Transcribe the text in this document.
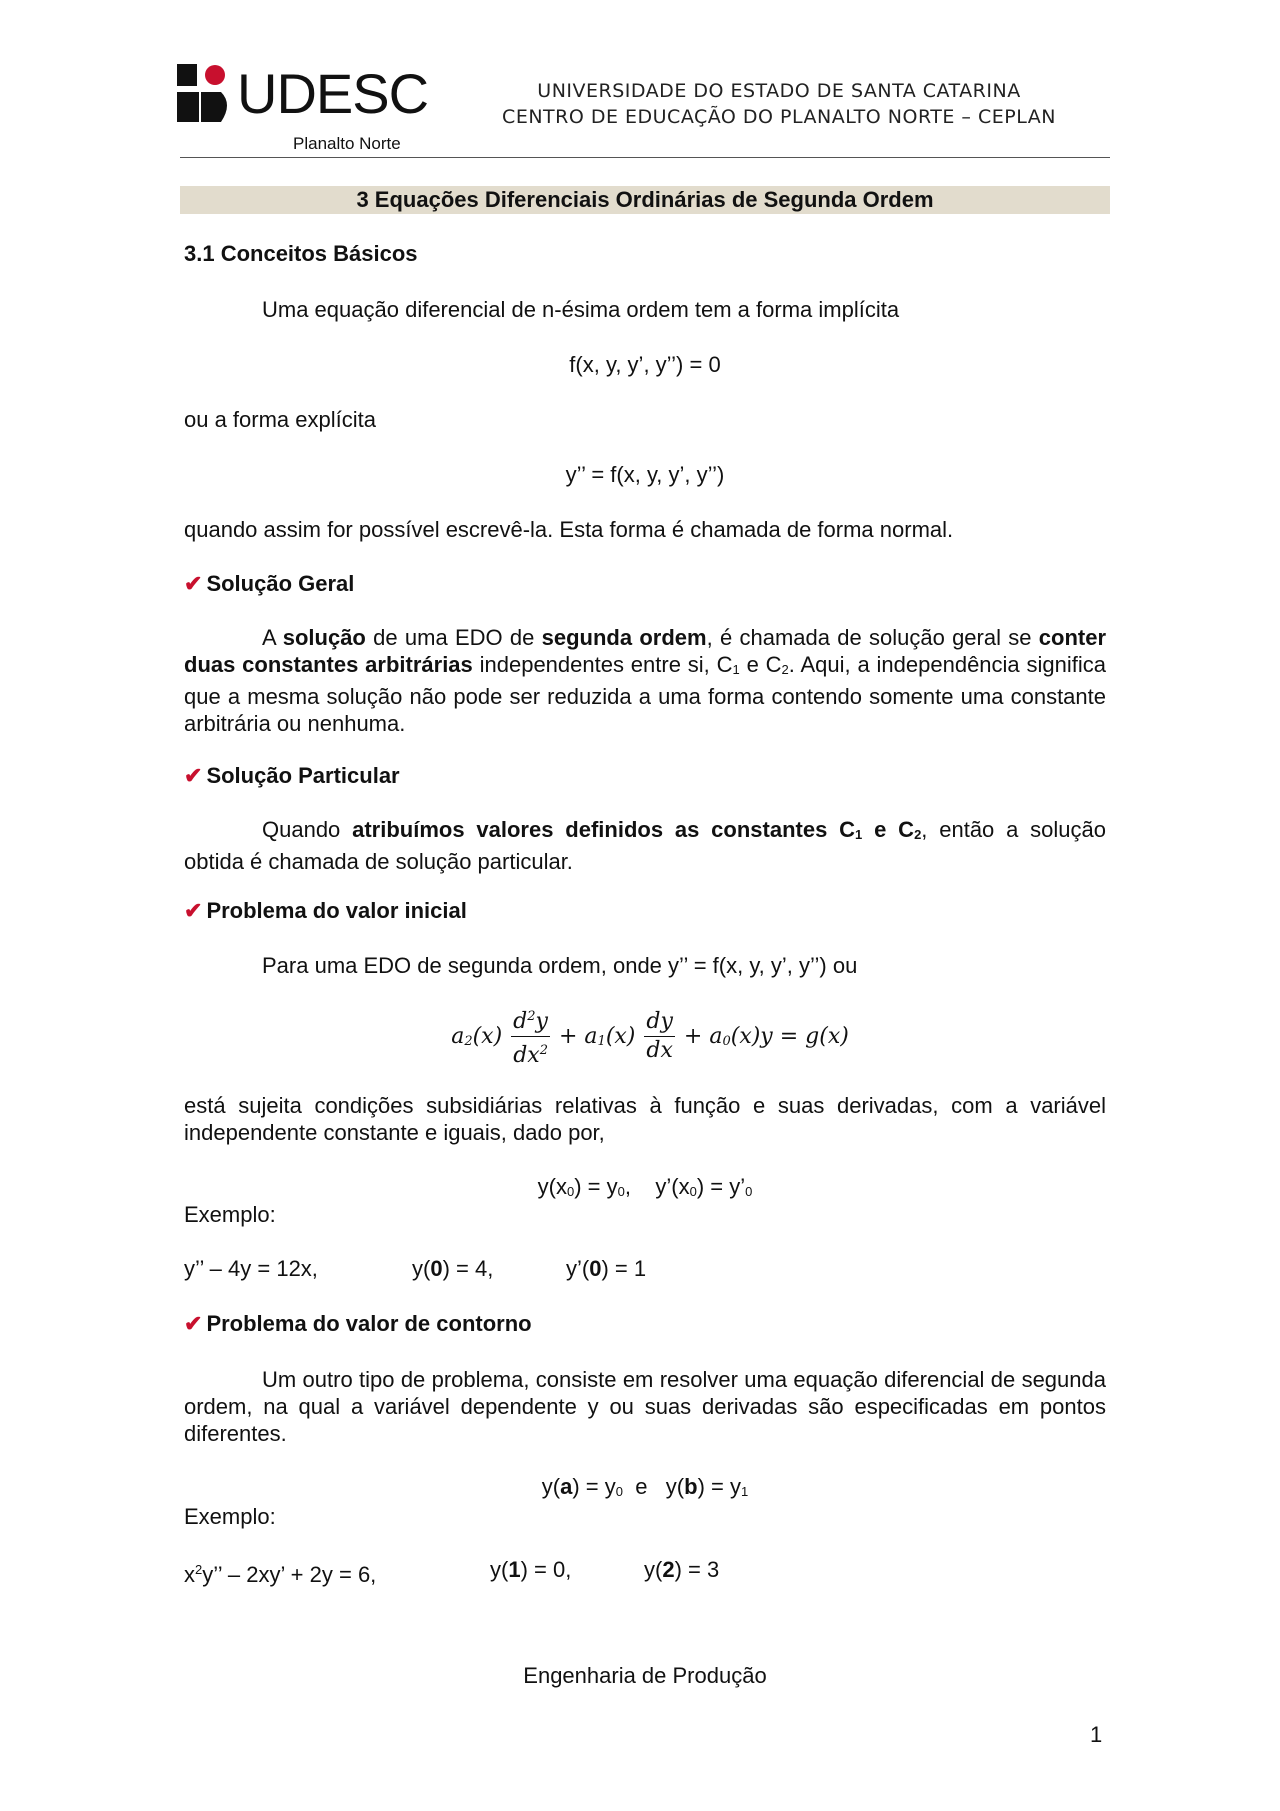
UDESC
Planalto Norte
UNIVERSIDADE DO ESTADO DE SANTA CATARINA
CENTRO DE EDUCAÇÃO DO PLANALTO NORTE – CEPLAN
3 Equações Diferenciais Ordinárias de Segunda Ordem
3.1 Conceitos Básicos
Uma equação diferencial de n-ésima ordem tem a forma implícita
f(x, y, y’, y’’) = 0
ou a forma explícita
y’’ = f(x, y, y’, y’’)
quando assim for possível escrevê-la. Esta forma é chamada de forma normal.
✔ Solução Geral
A solução de uma EDO de segunda ordem, é chamada de solução geral se conter duas constantes arbitrárias independentes entre si, $C_1$ e $C_2$. Aqui, a independência significa que a mesma solução não pode ser reduzida a uma forma contendo somente uma constante arbitrária ou nenhuma.
✔ Solução Particular
Quando atribuímos valores definidos as constantes $C_1$ e $C_2$, então a solução obtida é chamada de solução particular.
✔ Problema do valor inicial
Para uma EDO de segunda ordem, onde y’’ = f(x, y, y’, y’’) ou
$a_2(x) \frac{d^2y}{dx^2} + a_1(x) \frac{dy}{dx} + a_0(x)y = g(x)$
está sujeita condições subsidiárias relativas à função e suas derivadas, com a variável independente constante e iguais, dado por,
$y(x_0) = y_0$,    $y’(x_0)$ = $y’_0$
Exemplo:
y’’ – 4y = 12x,	y(0) = 4,	y’(0) = 1
✔ Problema do valor de contorno
Um outro tipo de problema, consiste em resolver uma equação diferencial de segunda ordem, na qual a variável dependente y ou suas derivadas são especificadas em pontos diferentes.
$y(a) = y_0$  e   $y(b) = y_1$
Exemplo:
$x^2y$’’ – 2xy’ + 2y = 6,	y(1) = 0,	y(2) = 3
Engenharia de Produção
1
